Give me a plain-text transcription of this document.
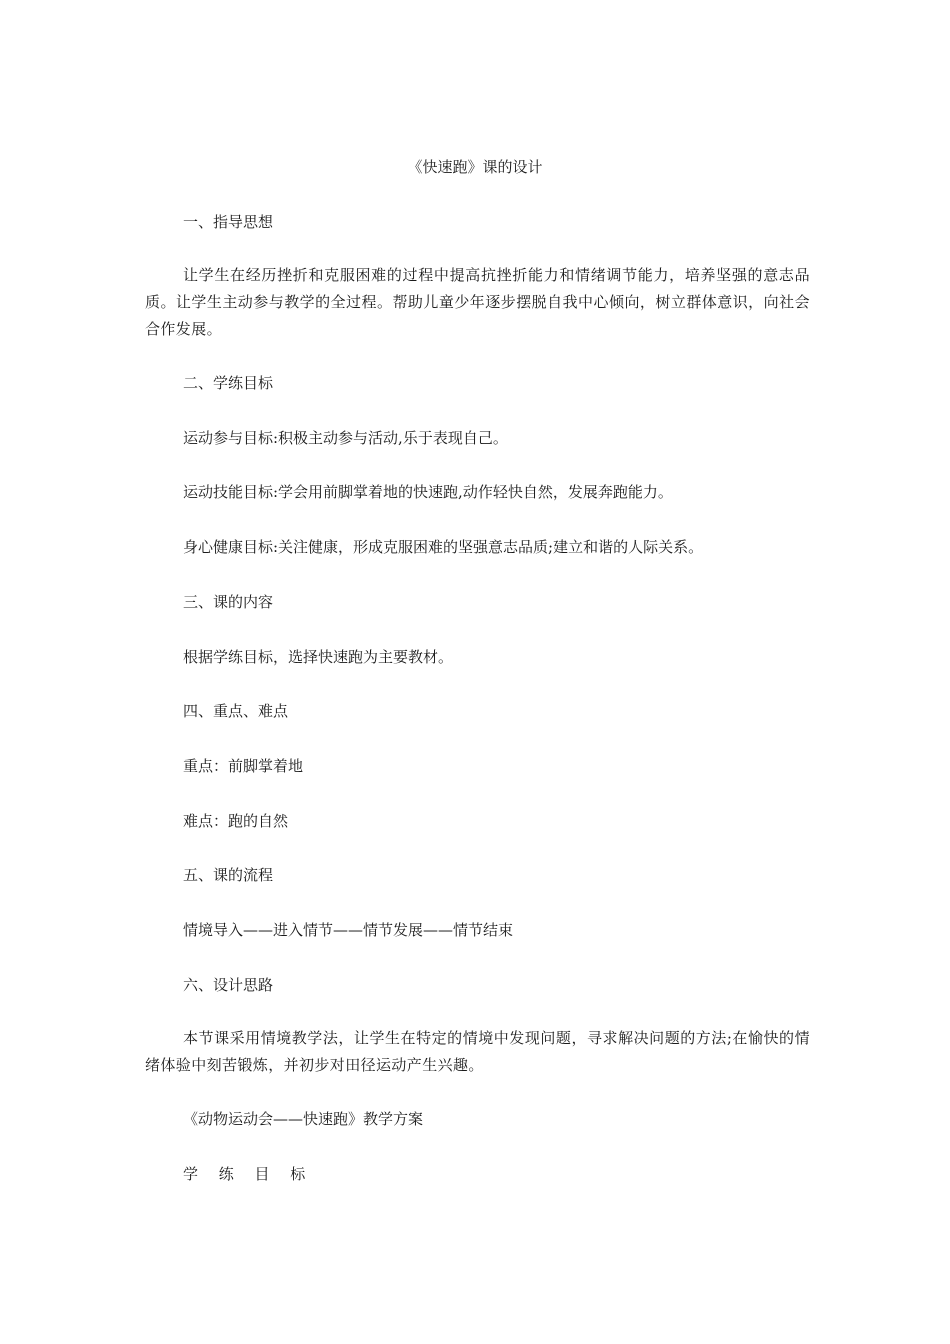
《快速跑》课的设计
一、指导思想
让学生在经历挫折和克服困难的过程中提高抗挫折能力和情绪调节能力，培养坚强的意志品质。让学生主动参与教学的全过程。帮助儿童少年逐步摆脱自我中心倾向，树立群体意识，向社会合作发展。
二、学练目标
运动参与目标:积极主动参与活动,乐于表现自己。
运动技能目标:学会用前脚掌着地的快速跑,动作轻快自然，发展奔跑能力。
身心健康目标:关注健康，形成克服困难的坚强意志品质;建立和谐的人际关系。
三、课的内容
根据学练目标，选择快速跑为主要教材。
四、重点、难点
重点：前脚掌着地
难点：跑的自然
五、课的流程
情境导入——进入情节——情节发展——情节结束
六、设计思路
本节课采用情境教学法，让学生在特定的情境中发现问题，寻求解决问题的方法;在愉快的情绪体验中刻苦锻炼，并初步对田径运动产生兴趣。
《动物运动会——快速跑》教学方案
学 练 目 标
